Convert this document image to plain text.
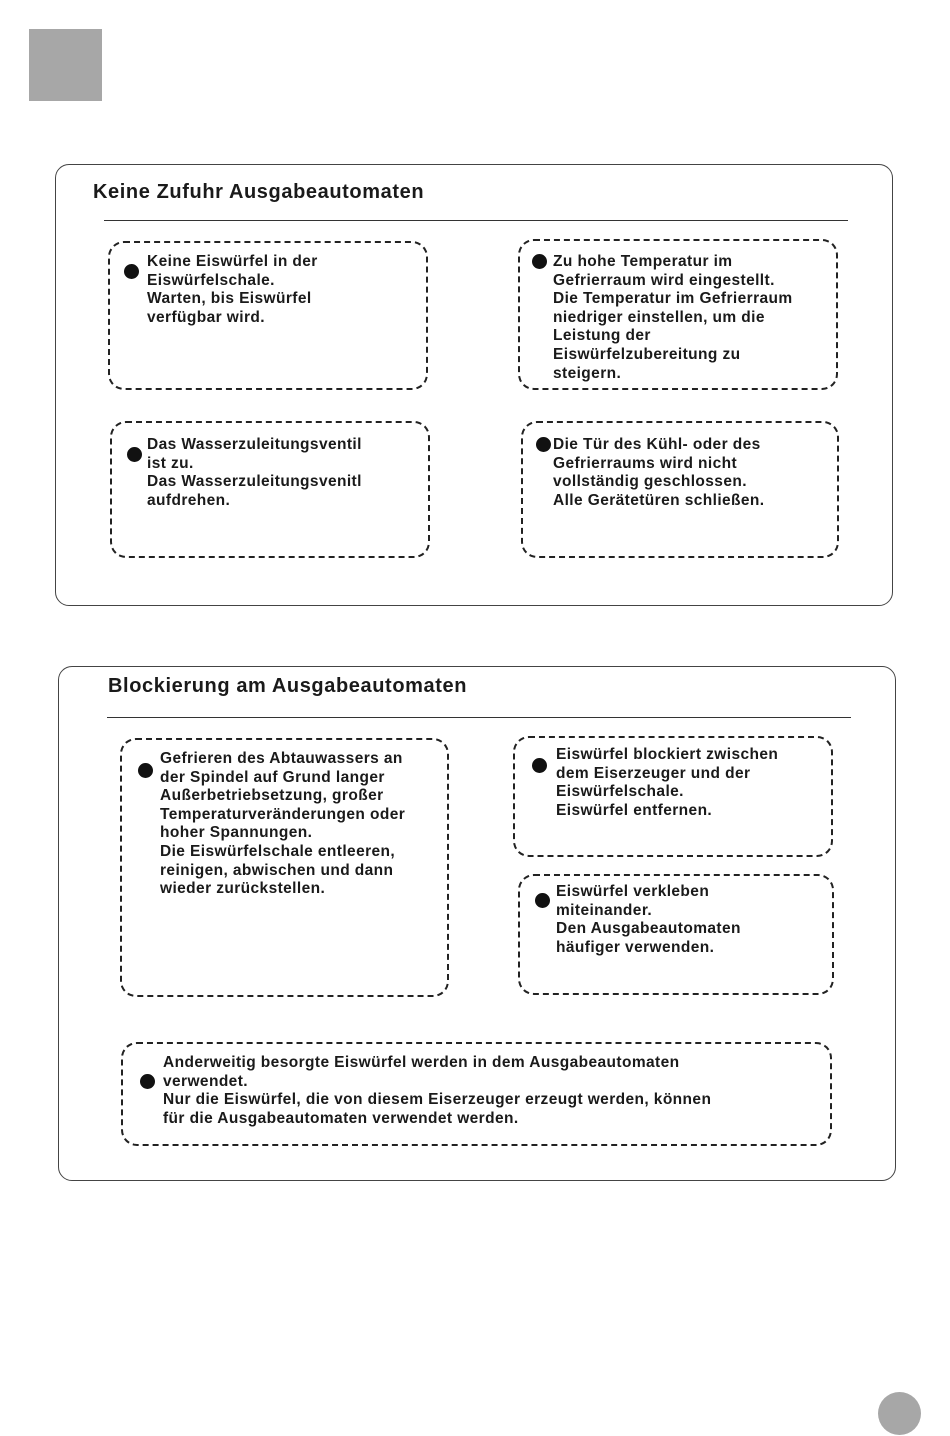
Keine Zufuhr Ausgabeautomaten
Keine Eiswürfel in der
Eiswürfelschale.
Warten, bis Eiswürfel
verfügbar wird.
Zu hohe Temperatur im
Gefrierraum wird eingestellt.
Die Temperatur im Gefrierraum
niedriger einstellen, um die
Leistung der
Eiswürfelzubereitung zu
steigern.
Das Wasserzuleitungsventil
ist zu.
Das Wasserzuleitungsvenitl
aufdrehen.
Die Tür des Kühl- oder des
Gefrierraums wird nicht
vollständig geschlossen.
Alle Gerätetüren schließen.
Blockierung am Ausgabeautomaten
Gefrieren des Abtauwassers an
der Spindel auf Grund langer
Außerbetriebsetzung, großer
Temperaturveränderungen oder
hoher Spannungen.
Die Eiswürfelschale entleeren,
reinigen, abwischen und dann
wieder zurückstellen.
Eiswürfel blockiert zwischen
dem Eiserzeuger und der
Eiswürfelschale.
Eiswürfel entfernen.
Eiswürfel verkleben
miteinander.
Den Ausgabeautomaten
häufiger verwenden.
Anderweitig besorgte Eiswürfel werden in dem Ausgabeautomaten
verwendet.
Nur die Eiswürfel, die von diesem Eiserzeuger erzeugt werden, können
für die Ausgabeautomaten verwendet werden.
